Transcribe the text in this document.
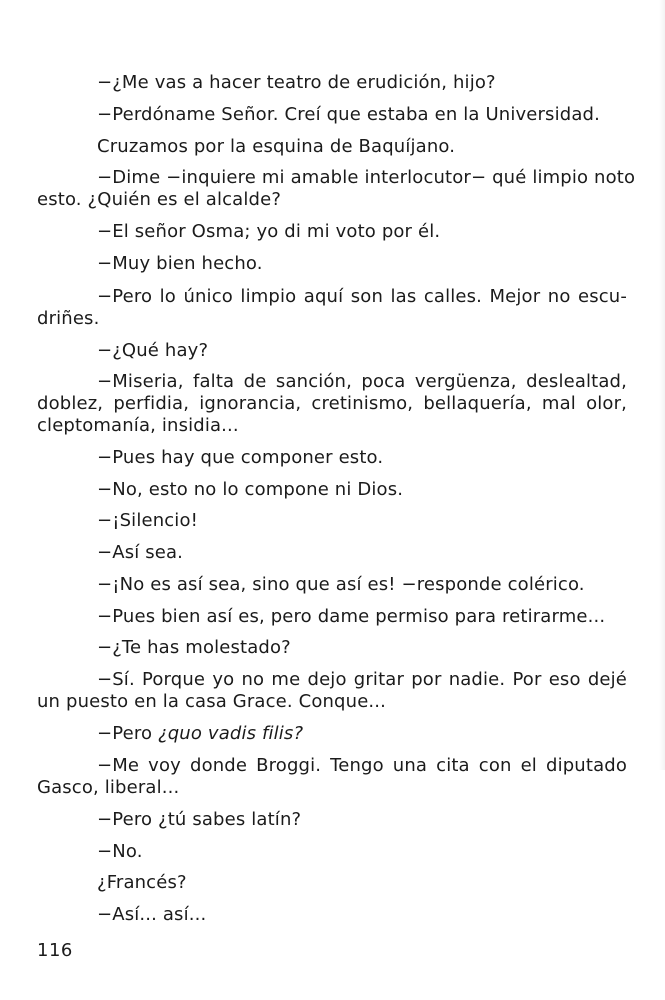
−¿Me vas a hacer teatro de erudición, hijo?
−Perdóname Señor. Creí que estaba en la Universidad.
Cruzamos por la esquina de Baquíjano.
−Dime −inquiere mi amable interlocutor− qué limpio noto
esto. ¿Quién es el alcalde?
−El señor Osma; yo di mi voto por él.
−Muy bien hecho.
−Pero lo único limpio aquí son las calles. Mejor no escu-
driñes.
−¿Qué hay?
−Miseria, falta de sanción, poca vergüenza, deslealtad,
doblez, perfidia, ignorancia, cretinismo, bellaquería, mal olor,
cleptomanía, insidia...
−Pues hay que componer esto.
−No, esto no lo compone ni Dios.
−¡Silencio!
−Así sea.
−¡No es así sea, sino que así es! −responde colérico.
−Pues bien así es, pero dame permiso para retirarme...
−¿Te has molestado?
−Sí. Porque yo no me dejo gritar por nadie. Por eso dejé
un puesto en la casa Grace. Conque...
−Pero ¿quo vadis filis?
−Me voy donde Broggi. Tengo una cita con el diputado
Gasco, liberal...
−Pero ¿tú sabes latín?
−No.
¿Francés?
−Así... así...
116
